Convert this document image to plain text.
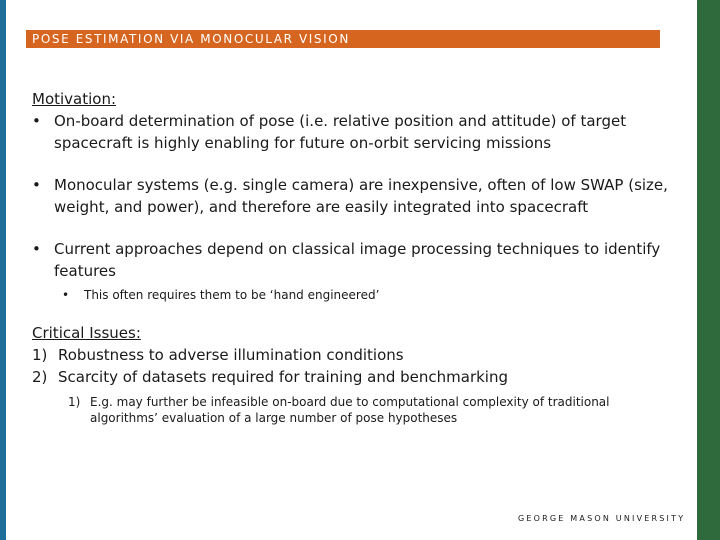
POSE ESTIMATION VIA MONOCULAR VISION
Motivation:
• On-board determination of pose (i.e. relative position and attitude) of target spacecraft is highly enabling for future on-orbit servicing missions
• Monocular systems (e.g. single camera) are inexpensive, often of low SWAP (size, weight, and power), and therefore are easily integrated into spacecraft
• Current approaches depend on classical image processing techniques to identify features
•	This often requires them to be ‘hand engineered’
Critical Issues:
1) Robustness to adverse illumination conditions
2) Scarcity of datasets required for training and benchmarking
1) E.g. may further be infeasible on-board due to computational complexity of traditional algorithms’ evaluation of a large number of pose hypotheses
GEORGE MASON UNIVERSITY
